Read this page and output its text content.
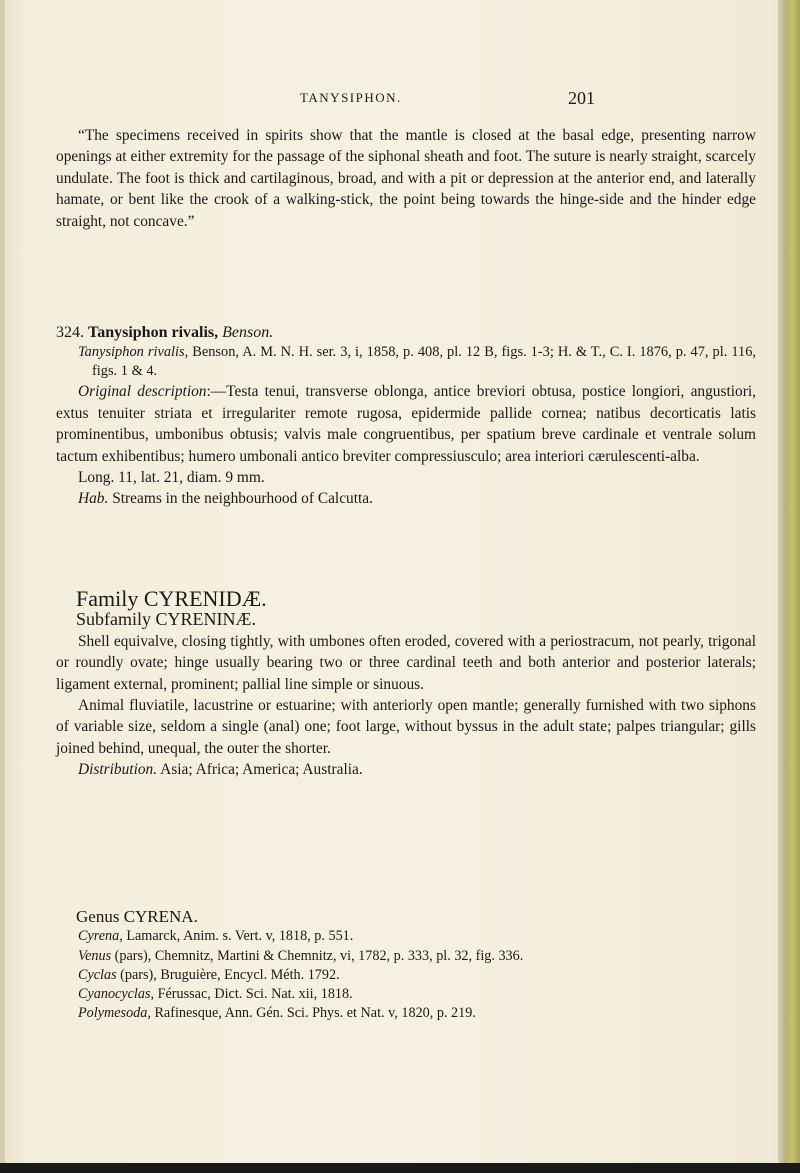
TANYSIPHON.	201

“The specimens received in spirits show that the mantle is closed at the basal edge, presenting narrow openings at either extremity for the passage of the siphonal sheath and foot. The suture is nearly straight, scarcely undulate. The foot is thick and cartilaginous, broad, and with a pit or depression at the anterior end, and laterally hamate, or bent like the crook of a walking-stick, the point being towards the hinge-side and the hinder edge straight, not concave.”

324. Tanysiphon rivalis, Benson.

Tanysiphon rivalis, Benson, A. M. N. H. ser. 3, i, 1858, p. 408, pl. 12 B, figs. 1-3; H. & T., C. I. 1876, p. 47, pl. 116, figs. 1 & 4.

Original description:—Testa tenui, transverse oblonga, antice breviori obtusa, postice longiori, angustiori, extus tenuiter striata et irregulariter remote rugosa, epidermide pallide cornea; natibus decorticatis latis prominentibus, umbonibus obtusis; valvis male congruentibus, per spatium breve cardinale et ventrale solum tactum exhibentibus; humero umbonali antico breviter compressiusculo; area interiori cærulescenti-alba.

Long. 11, lat. 21, diam. 9 mm.

Hab. Streams in the neighbourhood of Calcutta.

Family CYRENIDÆ.

Subfamily CYRENINÆ.

Shell equivalve, closing tightly, with umbones often eroded, covered with a periostracum, not pearly, trigonal or roundly ovate; hinge usually bearing two or three cardinal teeth and both anterior and posterior laterals; ligament external, prominent; pallial line simple or sinuous.

Animal fluviatile, lacustrine or estuarine; with anteriorly open mantle; generally furnished with two siphons of variable size, seldom a single (anal) one; foot large, without byssus in the adult state; palpes triangular; gills joined behind, unequal, the outer the shorter.

Distribution. Asia; Africa; America; Australia.

Genus CYRENA.

Cyrena, Lamarck, Anim. s. Vert. v, 1818, p. 551.

Venus (pars), Chemnitz, Martini & Chemnitz, vi, 1782, p. 333, pl. 32, fig. 336.

Cyclas (pars), Bruguière, Encycl. Méth. 1792.

Cyanocyclas, Férussac, Dict. Sci. Nat. xii, 1818.

Polymesoda, Rafinesque, Ann. Gén. Sci. Phys. et Nat. v, 1820, p. 219.
